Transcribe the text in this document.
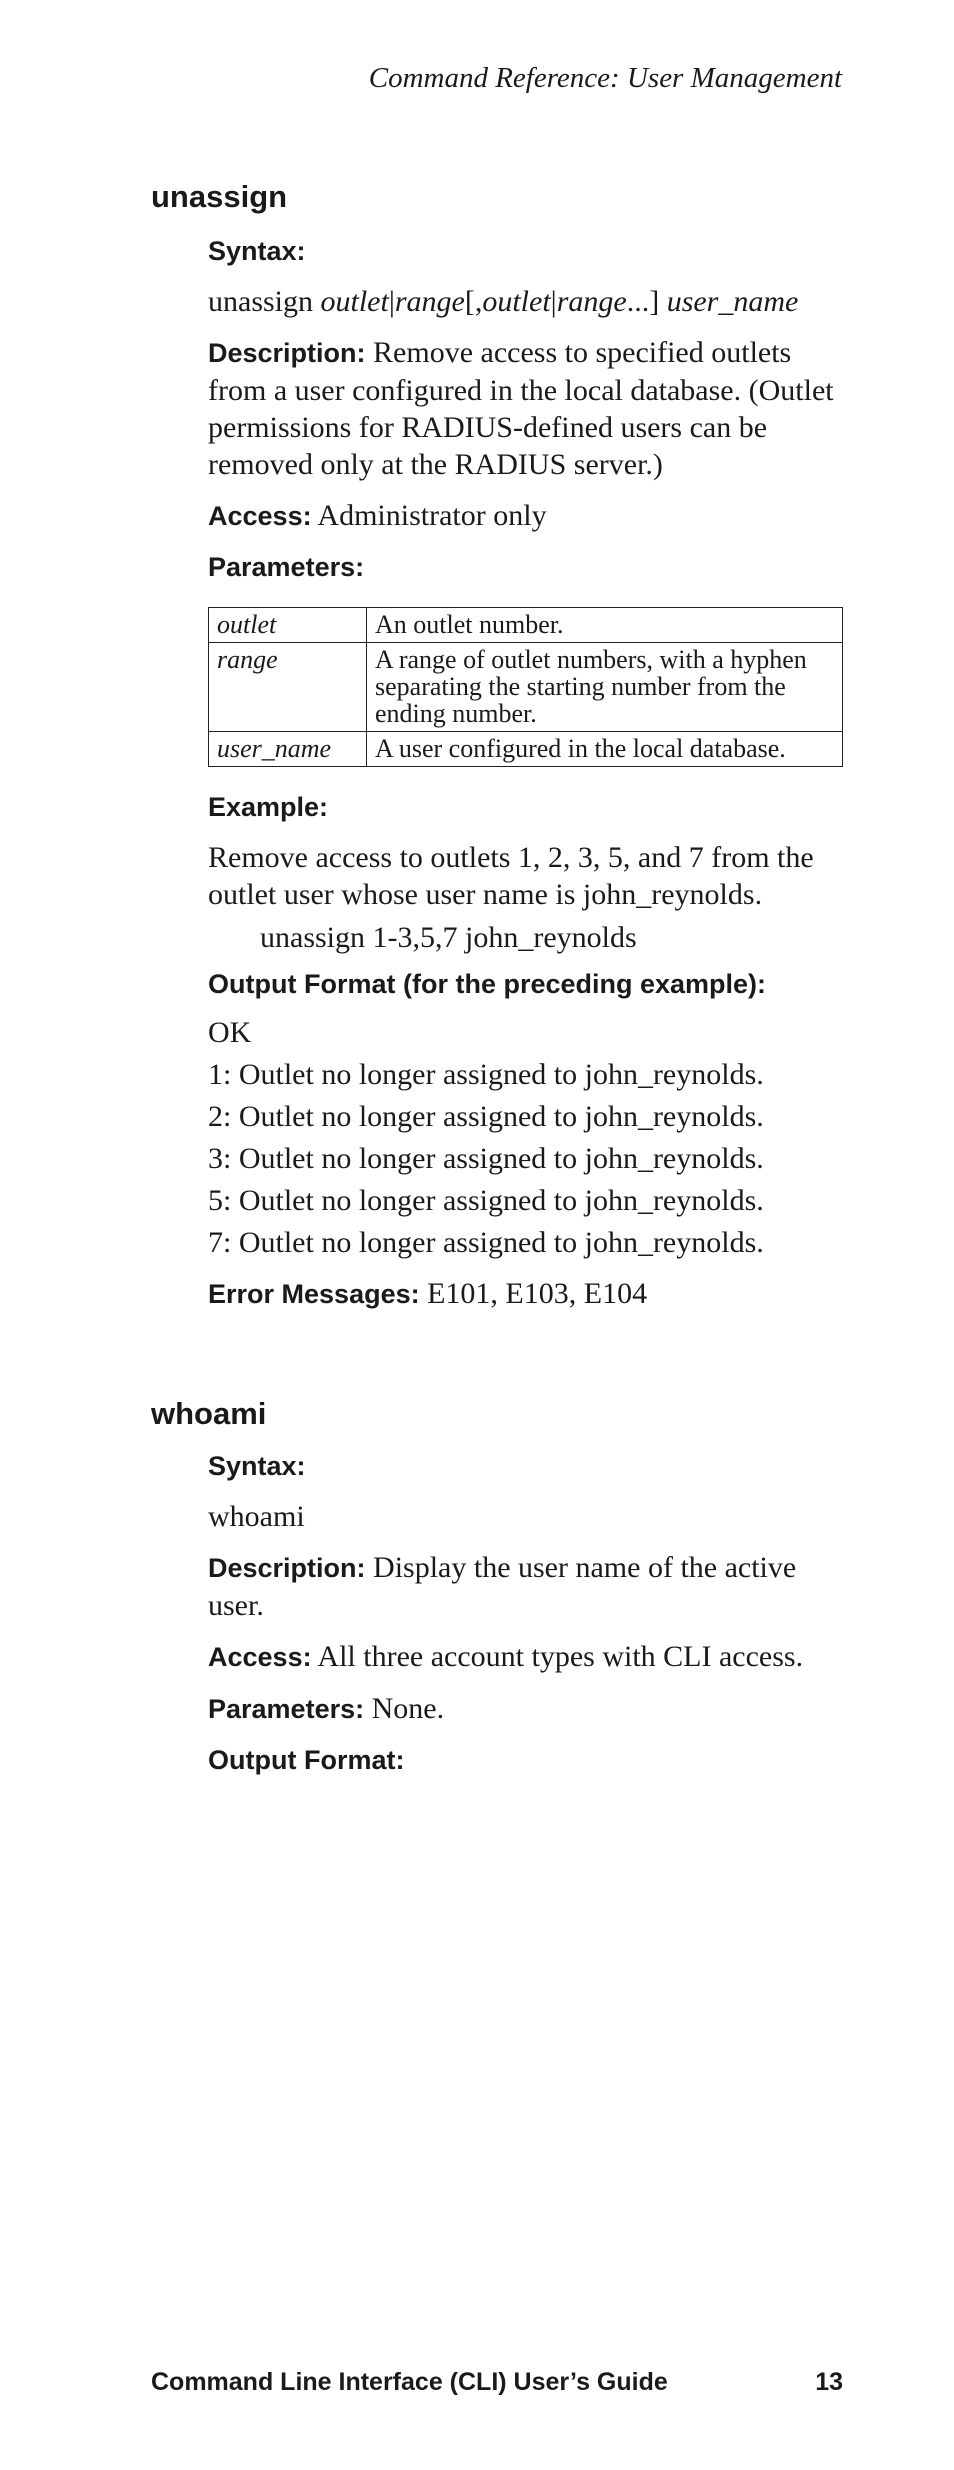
Command Reference: User Management
unassign
Syntax:

unassign outlet|range[,outlet|range...] user_name

Description: Remove access to specified outlets from a user configured in the local database. (Outlet permissions for RADIUS-defined users can be removed only at the RADIUS server.)

Access: Administrator only

Parameters:
outlet	An outlet number.
range	A range of outlet numbers, with a hyphen separating the starting number from the ending number.
user_name	A user configured in the local database.
Example:

Remove access to outlets 1, 2, 3, 5, and 7 from the outlet user whose user name is john_reynolds.

unassign 1-3,5,7 john_reynolds

Output Format (for the preceding example):

OK

1: Outlet no longer assigned to john_reynolds.

2: Outlet no longer assigned to john_reynolds.

3: Outlet no longer assigned to john_reynolds.

5: Outlet no longer assigned to john_reynolds.

7: Outlet no longer assigned to john_reynolds.

Error Messages: E101, E103, E104

whoami
Syntax:

whoami

Description: Display the user name of the active user.

Access: All three account types with CLI access.

Parameters: None.

Output Format:
Command Line Interface (CLI) User’s Guide	13
